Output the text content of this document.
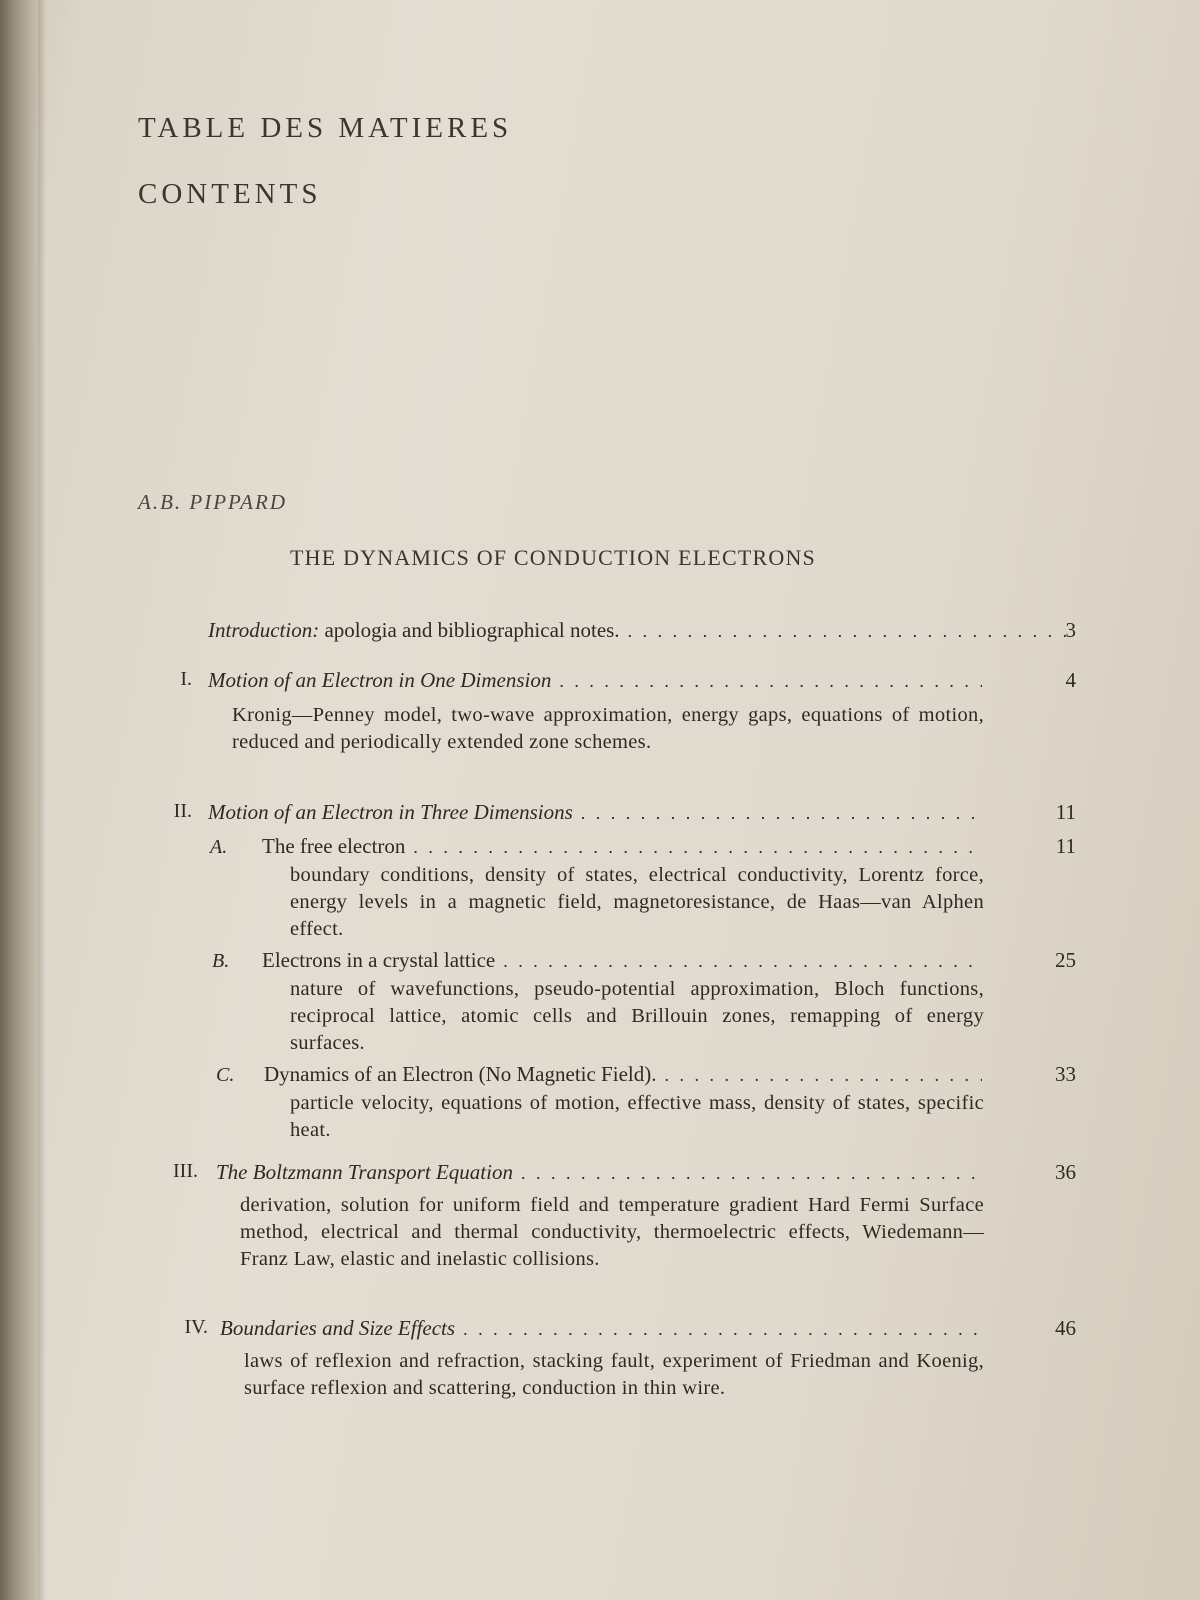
TABLE DES MATIERES
CONTENTS
A.B. PIPPARD
THE DYNAMICS OF CONDUCTION ELECTRONS
Introduction: apologia and bibliographical notes. . . .	3
I. Motion of an Electron in One Dimension . . .	4
Kronig—Penney model, two-wave approximation, energy gaps, equations of motion, reduced and periodically extended zone schemes.
II. Motion of an Electron in Three Dimensions . . .	11
A.	The free electron . . .	11
boundary conditions, density of states, electrical conductivity, Lorentz force, energy levels in a magnetic field, magnetoresistance, de Haas—van Alphen effect.
B.	Electrons in a crystal lattice . . .	25
nature of wavefunctions, pseudo-potential approximation, Bloch functions, reciprocal lattice, atomic cells and Brillouin zones, remapping of energy surfaces.
C.	Dynamics of an Electron (No Magnetic Field). . . .	33
particle velocity, equations of motion, effective mass, density of states, specific heat.
III. The Boltzmann Transport Equation . . .	36
derivation, solution for uniform field and temperature gradient Hard Fermi Surface method, electrical and thermal conductivity, thermoelectric effects, Wiedemann—Franz Law, elastic and inelastic collisions.
IV. Boundaries and Size Effects . . .	46
laws of reflexion and refraction, stacking fault, experiment of Friedman and Koenig, surface reflexion and scattering, conduction in thin wire.
